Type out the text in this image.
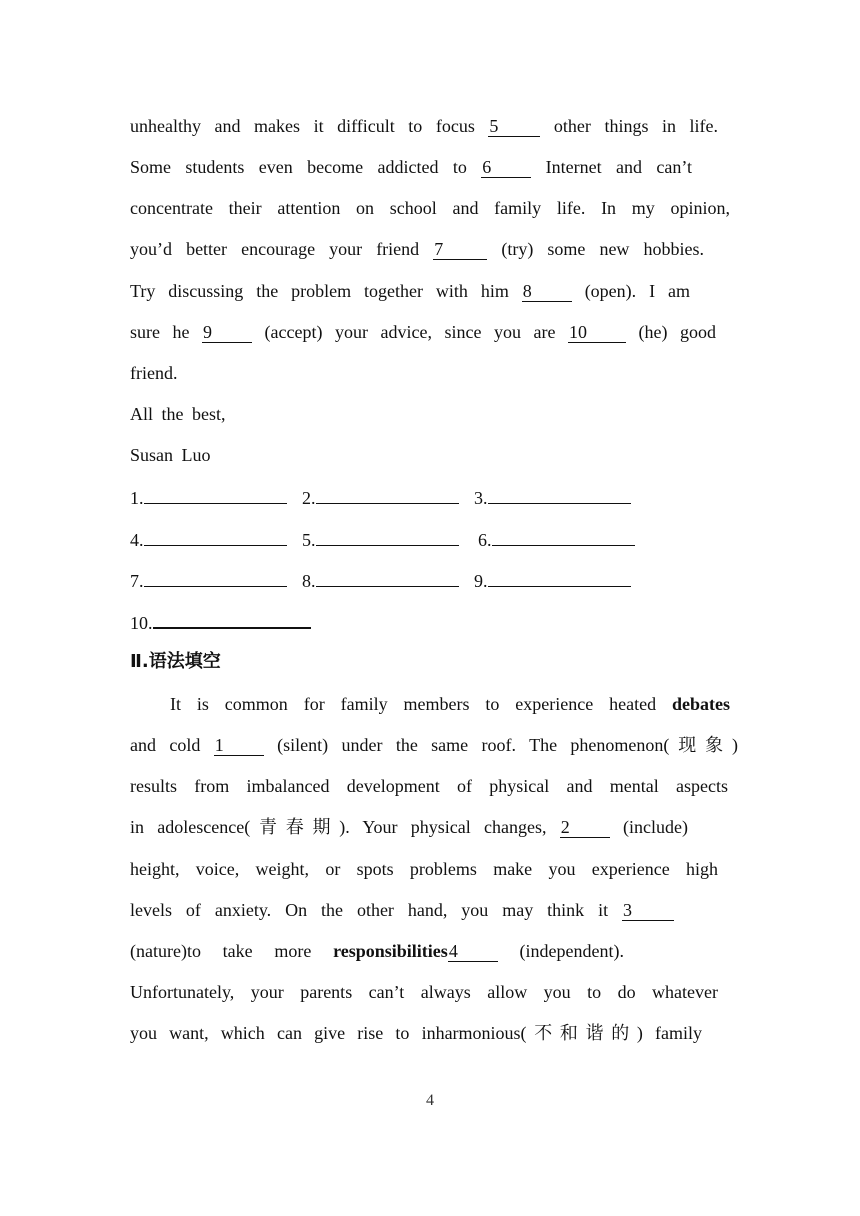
unhealthy and makes it difficult to focus 5	other things in life.
Some students even become addicted to 6	Internet and can’t
concentrate their attention on school and family life. In my opinion,
you’d better encourage your friend 7	(try) some new hobbies.
Try discussing the problem together with him 8	(open). I am
sure he 9	(accept) your advice, since you are 10	(he) good
friend.
All the best,
Susan Luo
1.	2.	3.
4.	5.	6.
7.	8.	9.
10.
Ⅱ.语法填空
It is common for family members to experience heated debates
and cold 1	(silent) under the same roof. The phenomenon(现象)
results from imbalanced development of physical and mental aspects
in adolescence(青春期). Your physical changes, 2	(include)
height, voice, weight, or spots problems make you experience high
levels of anxiety. On the other hand, you may think it 3
(nature)to take more responsibilities4	(independent).
Unfortunately, your parents can’t always allow you to do whatever
you want, which can give rise to inharmonious(不和谐的) family
4
